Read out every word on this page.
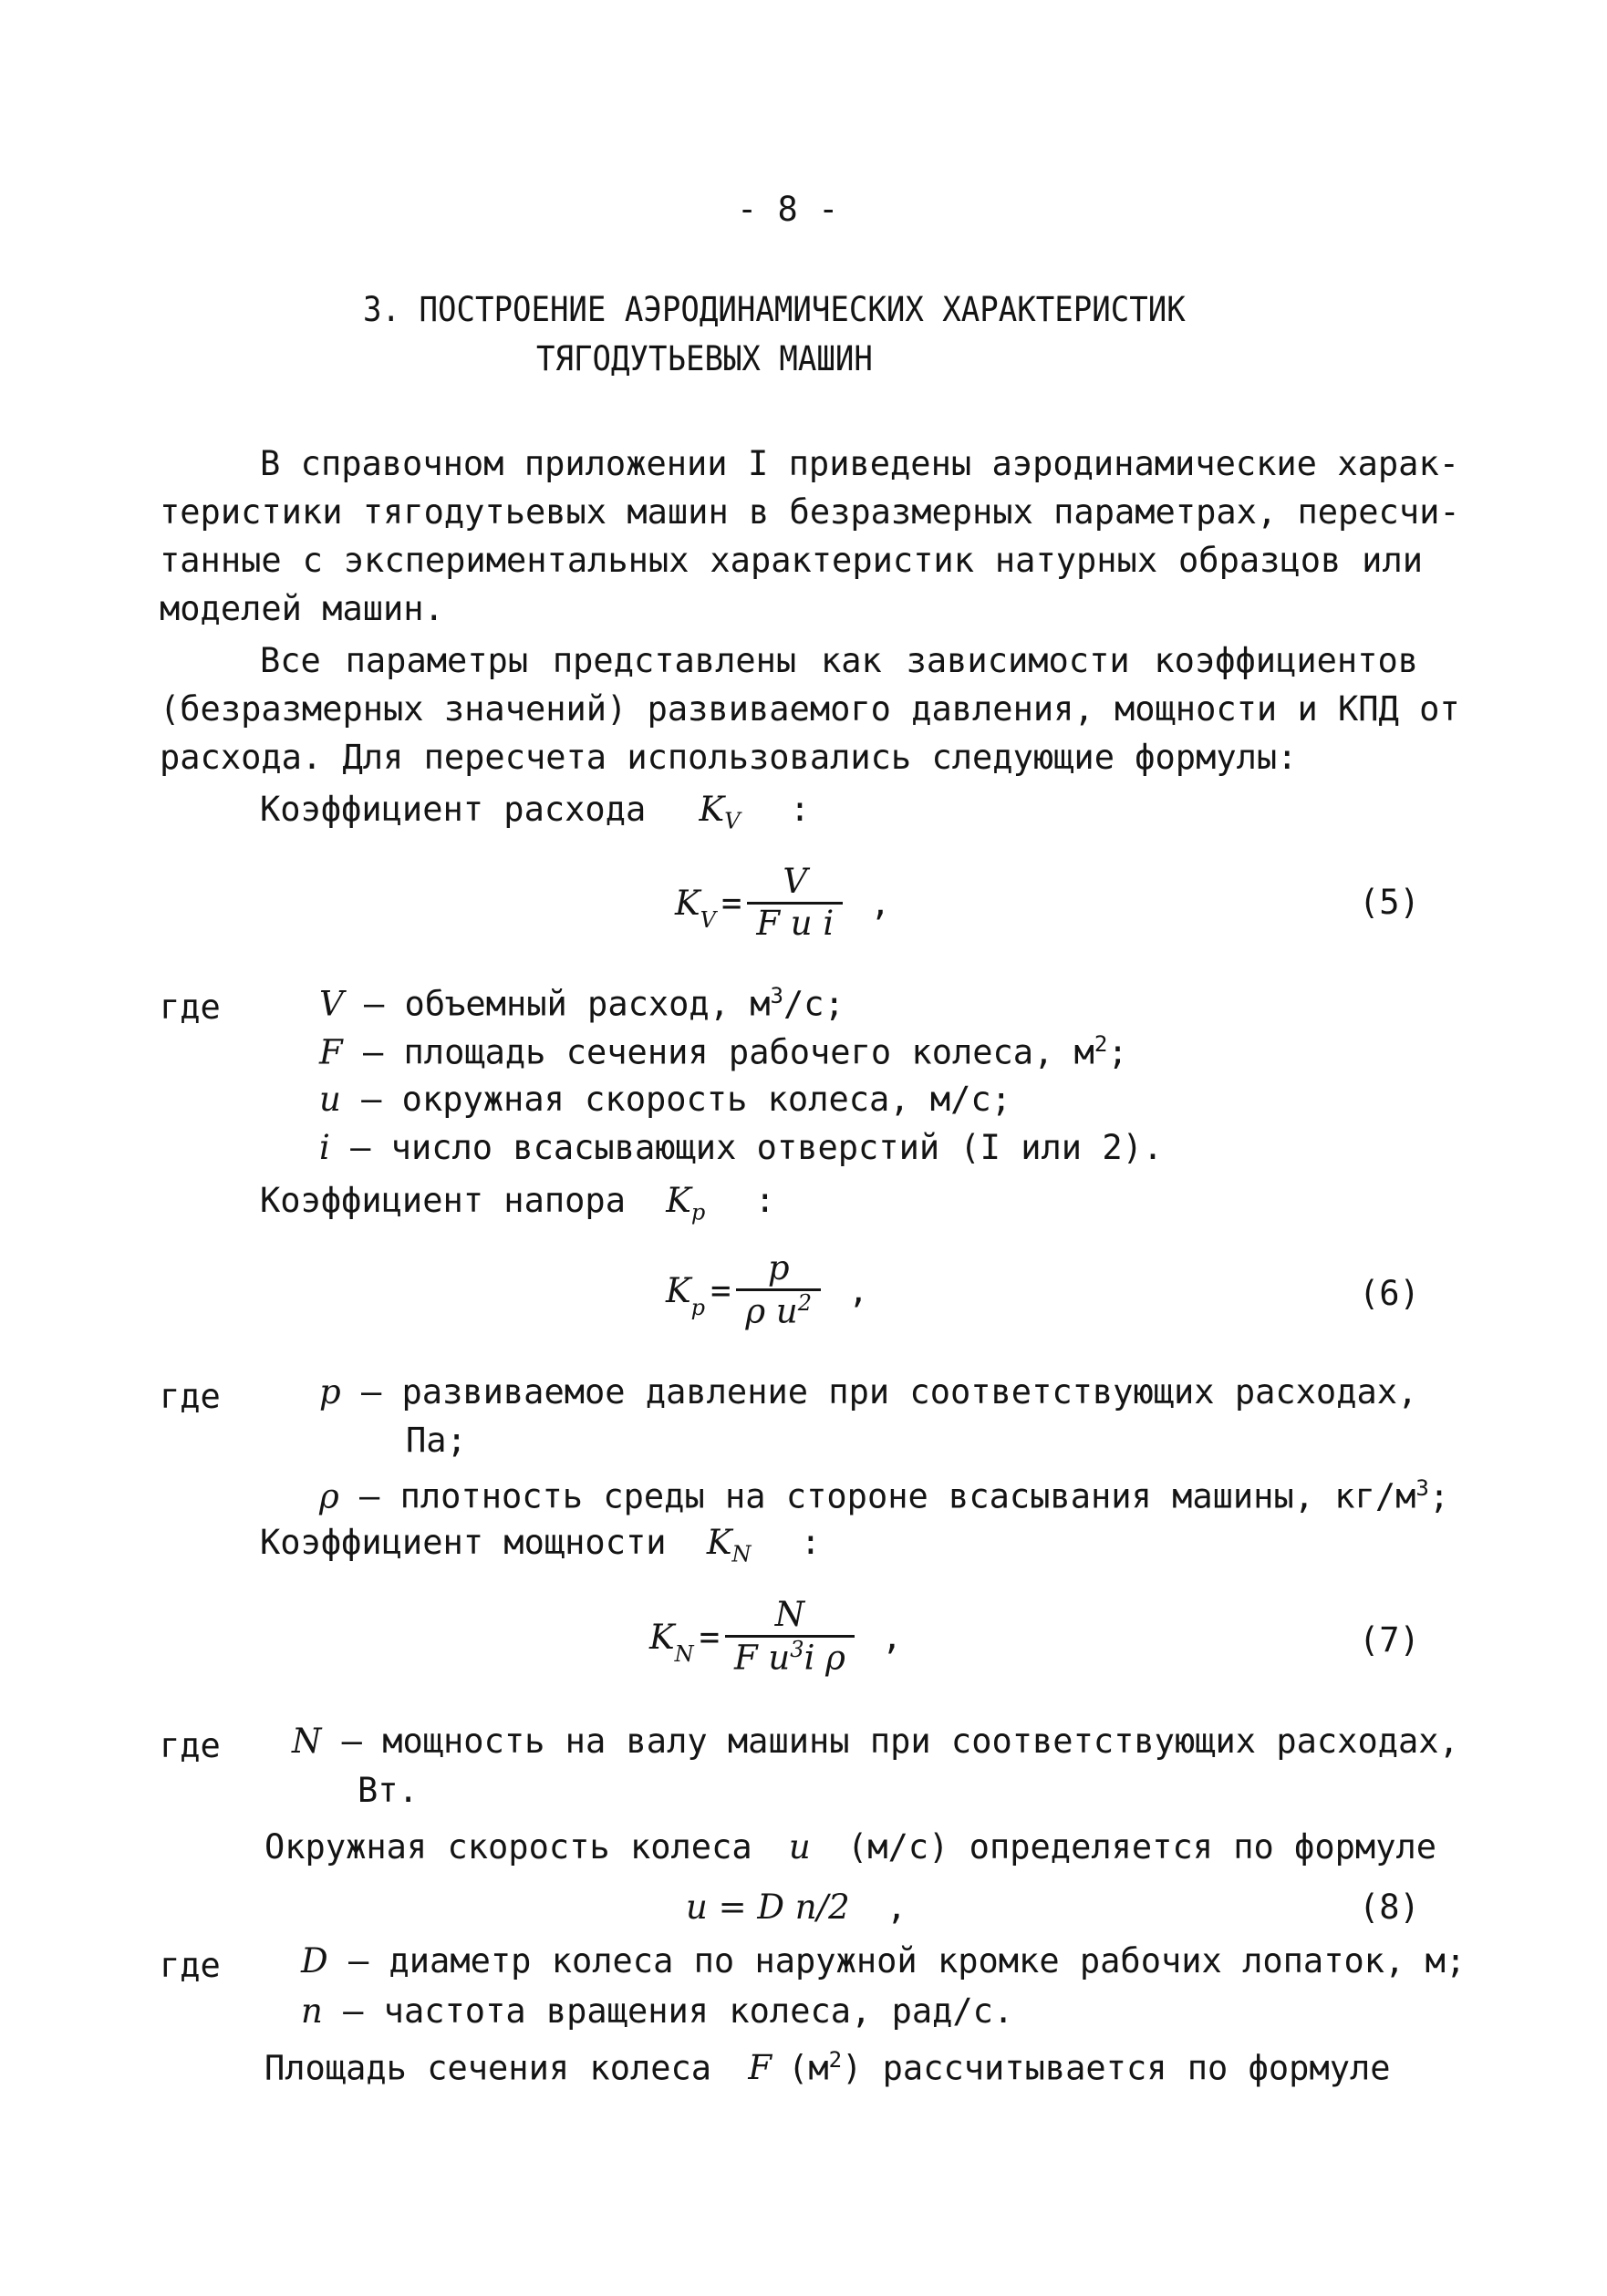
- 8 -
3. ПОСТРОЕНИЕ АЭРОДИНАМИЧЕСКИХ ХАРАКТЕРИСТИК
ТЯГОДУТЬЕВЫХ МАШИН
В справочном приложении I приведены аэродинамические харак-
теристики тягодутьевых машин в безразмерных параметрах, пересчи-
танные с экспериментальных характеристик натурных образцов или
моделей машин.
Все параметры представлены как зависимости коэффициентов
(безразмерных значений) развиваемого давления, мощности и КПД от
расхода. Для пересчета использовались следующие формулы:
Коэффициент расхода $K_V$ :
$K_V = \frac{V}{\text{F u i}}$ ,	(5)
где	V – объемный расход, $м^3/с$;
F – площадь сечения рабочего колеса, $м^2$;
u – окружная скорость колеса, м/с;
i – число всасывающих отверстий (I или 2).
Коэффициент напора $K_p$ :
$K_p = \frac{p}{\rho u^2}$ ,	(6)
где	p – развиваемое давление при соответствующих расходах,
Па;
ρ – плотность среды на стороне всасывания машины, $кг/м^3$;
Коэффициент мощности $K_N$ :
$K_N = \frac{N}{F u^3i \rho}$ ,	(7)
где N – мощность на валу машины при соответствующих расходах,
Вт.
Окружная скорость колеса u (м/с) определяется по формуле
u = D n/2 ,	(8)
где D – диаметр колеса по наружной кромке рабочих лопаток, м;
n – частота вращения колеса, рад/с.
Площадь сечения колеса F $(м^2)$ рассчитывается по формуле
